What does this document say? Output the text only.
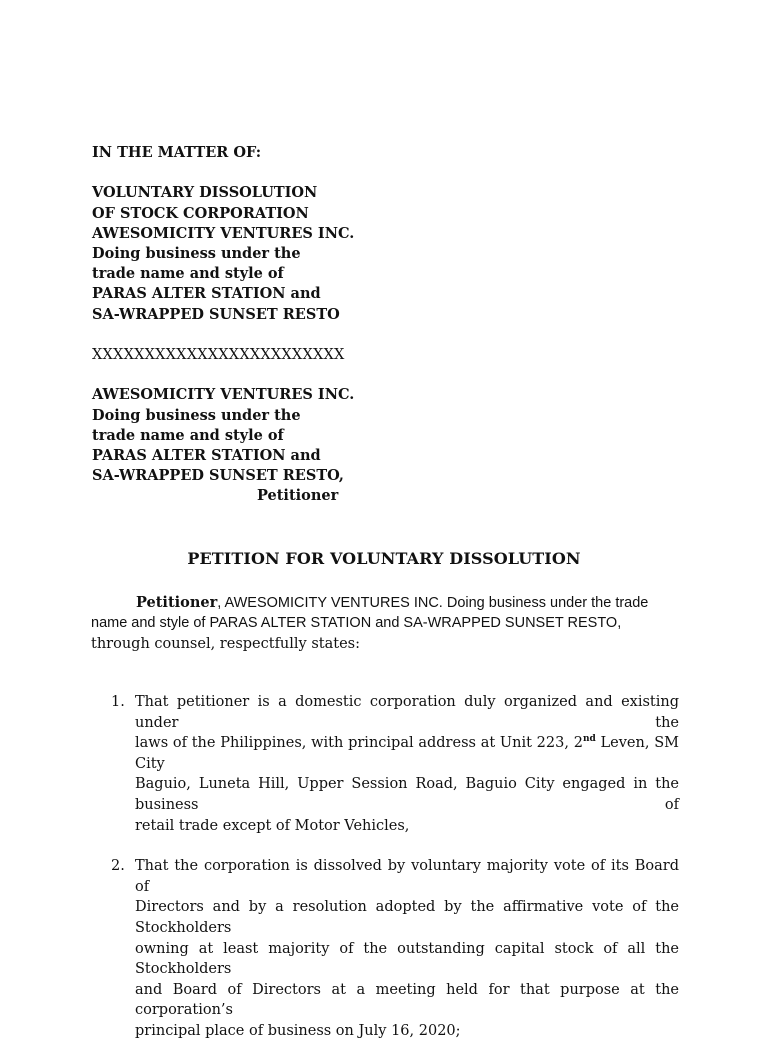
IN THE MATTER OF:
VOLUNTARY DISSOLUTION
OF STOCK CORPORATION
AWESOMICITY VENTURES INC.
Doing business under the
trade name and style of
PARAS ALTER STATION and
SA-WRAPPED SUNSET RESTO
XXXXXXXXXXXXXXXXXXXXXXXX
AWESOMICITY VENTURES INC.
Doing business under the
trade name and style of
PARAS ALTER STATION and
SA-WRAPPED SUNSET RESTO,
Petitioner
PETITION FOR VOLUNTARY DISSOLUTION
Petitioner, AWESOMICITY VENTURES INC. Doing business under the trade
name and style of PARAS ALTER STATION and SA-WRAPPED SUNSET RESTO,
through counsel, respectfully states:
1. That petitioner is a domestic corporation duly organized and existing under the
laws of the Philippines, with principal address at Unit 223, 2nd Leven, SM City
Baguio, Luneta Hill, Upper Session Road, Baguio City engaged in the business of
retail trade except of Motor Vehicles,
2. That the corporation is dissolved by voluntary majority vote of its Board of
Directors and by a resolution adopted by the affirmative vote of the Stockholders
owning at least majority of the outstanding capital stock of all the Stockholders
and Board of Directors at a meeting held for that purpose at the corporation’s
principal place of business on July 16, 2020;
